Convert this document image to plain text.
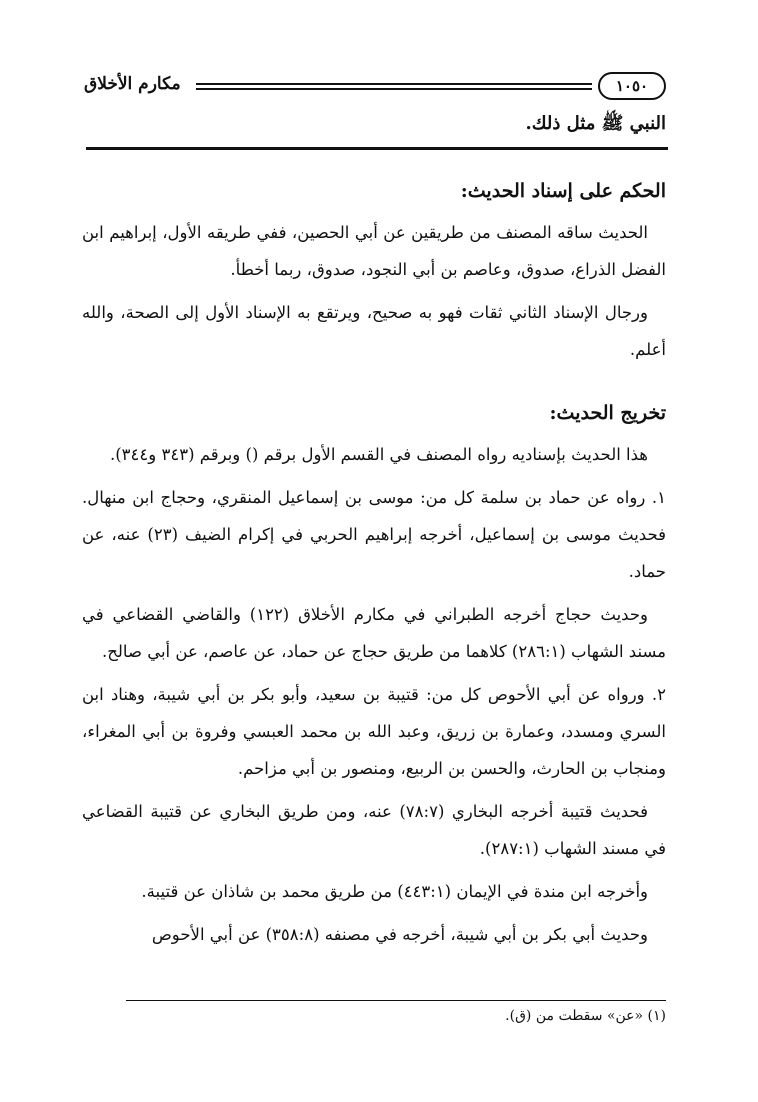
مكارم الأخلاق	١٠٥٠
النبي ﷺ مثل ذلك.
الحكم على إسناد الحديث:

الحديث ساقه المصنف من طريقين عن أبي الحصين، ففي طريقه الأول، إبراهيم ابن الفضل الذراع، صدوق، وعاصم بن أبي النجود، صدوق، ربما أخطأ.

ورجال الإسناد الثاني ثقات فهو به صحيح، ويرتقع به الإسناد الأول إلى الصحة، والله أعلم.

تخريج الحديث:

هذا الحديث بإسناديه رواه المصنف في القسم الأول برقم () وبرقم (٣٤٣ و٣٤٤).

١. رواه عن حماد بن سلمة كل من: موسى بن إسماعيل المنقري، وحجاج ابن منهال. فحديث موسى بن إسماعيل، أخرجه إبراهيم الحربي في إكرام الضيف (٢٣) عنه، عن حماد.

وحديث حجاج أخرجه الطبراني في مكارم الأخلاق (١٢٢) والقاضي القضاعي في مسند الشهاب (٢٨٦:١) كلاهما من طريق حجاج عن حماد، عن عاصم، عن أبي صالح.

٢. ورواه عن أبي الأحوص كل من: قتيبة بن سعيد، وأبو بكر بن أبي شيبة، وهناد ابن السري ومسدد، وعمارة بن زريق، وعبد الله بن محمد العبسي وفروة بن أبي المغراء، ومنجاب بن الحارث، والحسن بن الربيع، ومنصور بن أبي مزاحم.

فحديث قتيبة أخرجه البخاري (٧٨:٧) عنه، ومن طريق البخاري عن قتيبة القضاعي في مسند الشهاب (٢٨٧:١).

وأخرجه ابن مندة في الإيمان (٤٤٣:١) من طريق محمد بن شاذان عن قتيبة.

وحديث أبي بكر بن أبي شيبة، أخرجه في مصنفه (٣٥٨:٨) عن أبي الأحوص

(١) «عن» سقطت من (ق).
